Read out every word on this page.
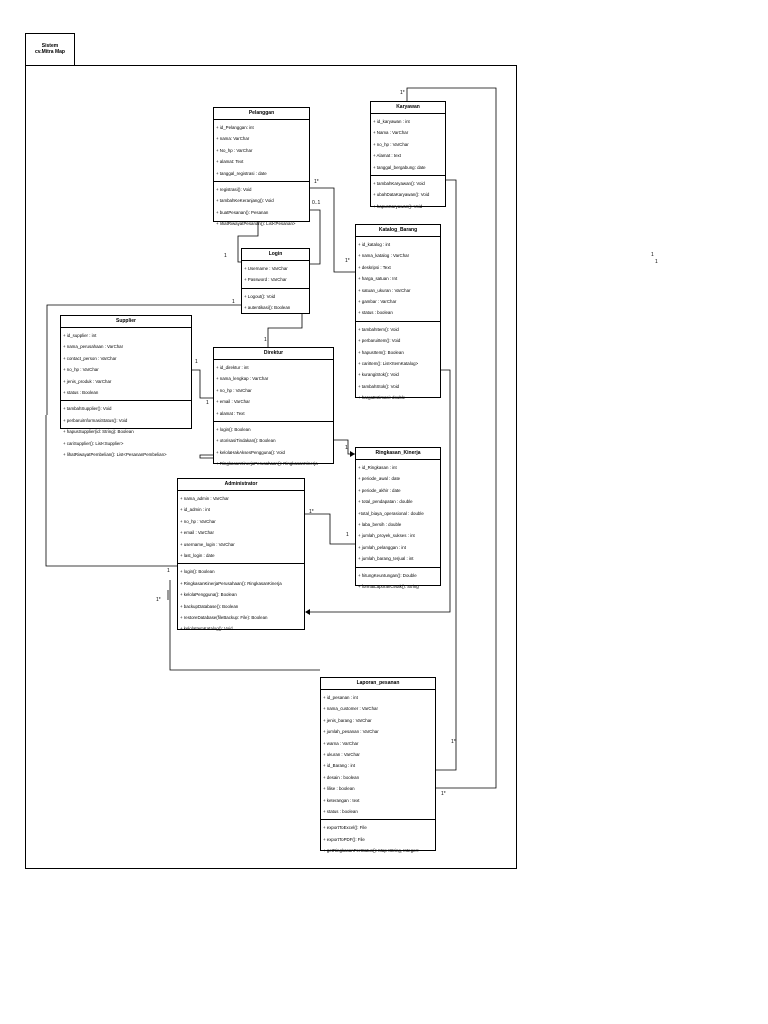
Sistem
cv.Mitra Map
Pelanggan
+ id_Pelanggan: int
+ nama: VarChar
+ No_hp : VarChar
+ alamat: Text
+ tanggal_registrasi : date
+ registrasi(): Void
+ tambahKeKeranjang(): Void
+ buatPesanan(): Pesanan
+ lihatRiwayatPesanan(): List<Pesanan>
Karyawan
+ id_karyawan : int
+ Nama : VarChar
+ no_hp : VarChar
+ Alamat : text
+ tanggal_bergabung: date
+ tambahKaryawan(): Void
+ ubahDataKaryawan(): Void
+ hapusKaryawan(): Void
Login
+ Username : VarChar
+ Password : VarChar
+ Logout(): Void
+ autentikasi(): Boolean
Katalog_Barang
+ id_katalog : int
+ nama_katalog : VarChar
+ deskripsi : Text
+ harga_satuan : Int
+ satuan_ukuran : VarChar
+ gambar : VarChar
+ status : boolean
+ tambahItem(): Void
+ perbaruiItem(): Void
+ hapusItem(): Boolean
+ cariItem(): List<ItemKatalog>
+ kurangiStok(): Void
+ tambahStok(): Void
+ hargaEstimasi: double
Supplier
+ id_supplier : int
+ nama_perusahaan : VarChar
+ contact_person : VarChar
+ no_hp : VarChar
+ jenis_produk : VarChar
+ status : Boolean
+ tambahSupplier(): Void
+ perbaruiInformasiStatus(): Void
+ hapusSupplier(id: String): Boolean
+ cariSupplier(): List<Supplier>
+ lihatRiwayatPembelian(): List<PesananPembelian>
Direktur
+ id_direktur : int
+ nama_lengkap : VarChar
+ no_hp : VarChar
+ email : VarChar
+ alamat : Text
+ login(): Boolean
+ otorisasiTindakan(): Boolean
+ kelolaHakAksesPengguna(): Void
+ RingkasanKinerjaPerusahaan(): RingkasanKinerja
Ringkasan_Kinerja
+ id_Ringkasan : int
+ periode_awal : date
+ periode_akhir : date
+ total_pendapatan : double
+total_biaya_operasional : double
+ laba_bersih : double
+ jumlah_proyek_sukses : int
+ jumlah_pelanggan : int
+ jumlah_barang_terjual : int
+ hitungKeuntungan(): Double
+ formatLaporanCetak(): String
Administrator
+ nama_admin : VarChar
+ id_admin : int
+ no_hp : VarChar
+ email : VarChar
+ username_login : VarChar
+ last_login : date
+ login(): Boolean
+ RingkasanKinerjaPerusahaan(): RingkasanKinerja
+ kelolaPengguna(): Boolean
+ backupDatabase(): Boolean
+ restoreDatabase(fileBackup: File): Boolean
+ kelolaItemKatalog(): Void
Laporan_pesanan
+ id_pesanan : int
+ nama_customer : VarChar
+ jenis_barang : VarChar
+ jumlah_pesanan : VarChar
+ warna : VarChar
+ ukuran : VarChar
+ id_Barang : int
+ desain : boolean
+ lilise : boolean
+ keterangan : text
+ status : boolean
+ exportToExcel(): File
+ exportToPDF(): File
+ getRingkasanPerStatus(): Map<String, Integer>
1*
1*
0..1
1
1*
1
1
1
1
1
1*
1
1*
1
1*
1*
1
1
